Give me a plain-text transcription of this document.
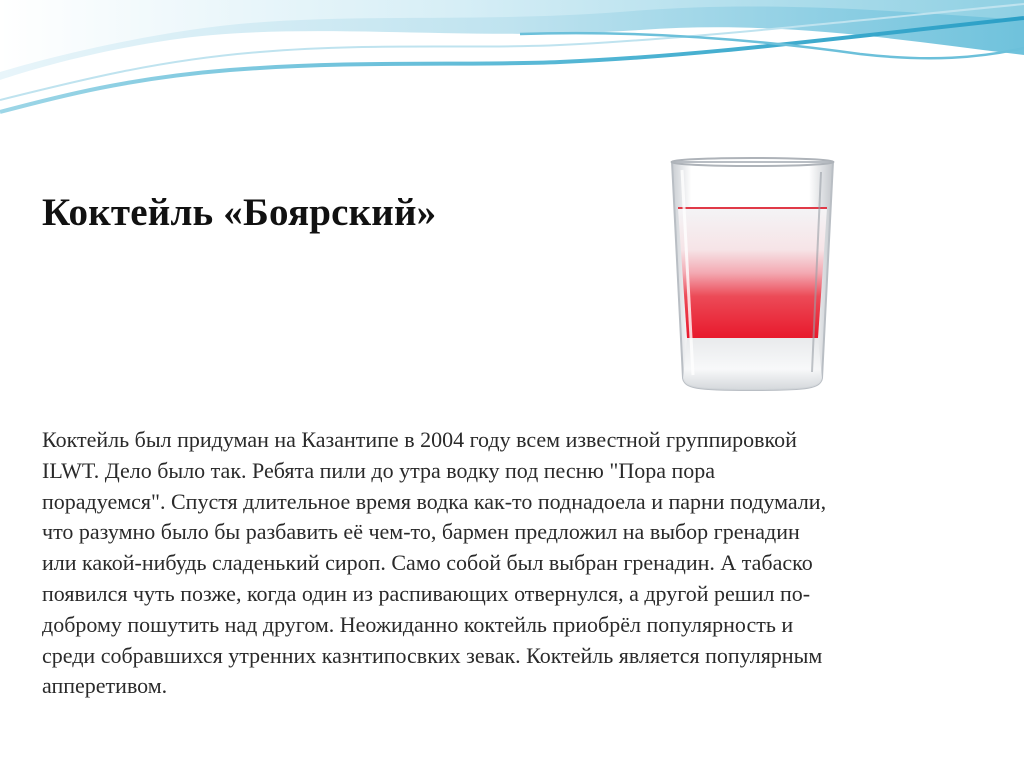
Коктейль «Боярский»

Коктейль был придуман на Казантипе в 2004 году всем известной группировкой
ILWT. Дело было так. Ребята пили до утра водку под песню "Пора пора
порадуемся". Спустя длительное время водка как-то поднадоела и парни подумали,
что разумно было бы разбавить её чем-то, бармен предложил на выбор гренадин
или какой-нибудь сладенький сироп. Само собой был выбран гренадин. А табаско
появился чуть позже, когда один из распивающих отвернулся, а другой решил по-
доброму пошутить над другом. Неожиданно коктейль приобрёл популярность и
среди собравшихся утренних казнтипосвких зевак. Коктейль является популярным
апперетивом.
